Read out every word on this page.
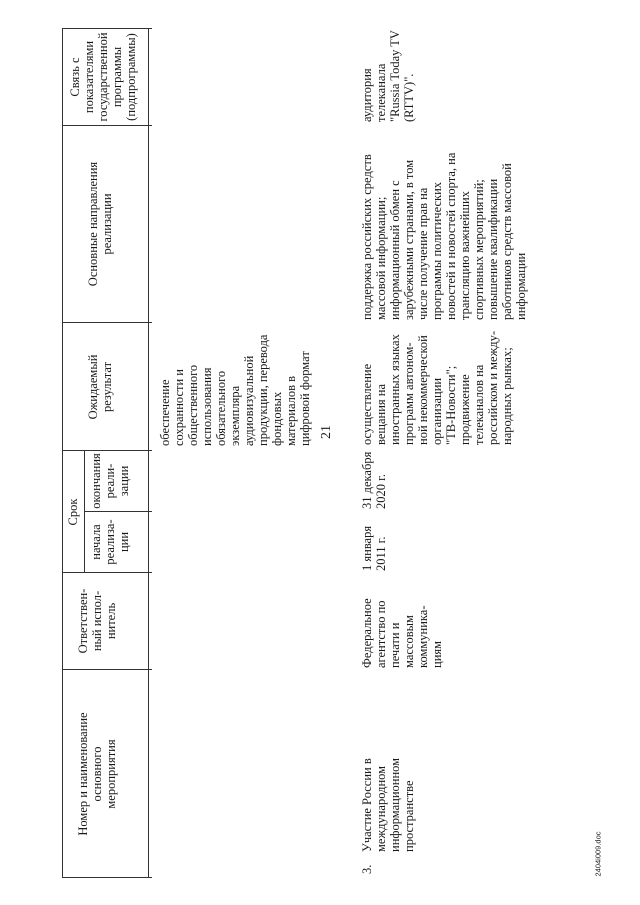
21
Номер и наименование
основного
мероприятия
Ответствен-
ный испол-
нитель
Срок
начала
реализа-
ции
окончания
реали-
зации
Ожидаемый
результат
Основные направления
реализации
Связь с
показателями
государственной
программы
(подпрограммы)
обеспечение
сохранности и
общественного
использования
обязательного
экземпляра
аудиовизуальной
продукции, перевода
фондовых
материалов в
цифровой формат
3.
Участие России в
международном
информационном
пространстве
Федеральное
агентство по
печати и
массовым
коммуника-
циям
1 января
2011 г.
31 декабря
2020 г.
осуществление
вещания на
иностранных языках
программ автоном-
ной некоммерческой
организации
"ТВ-Новости";
продвижение
телеканалов на
российском и между-
народных рынках;
поддержка российских средств
массовой информации;
информационный обмен с
зарубежными странами, в том
числе получение прав на
программы политических
новостей и новостей спорта, на
трансляцию важнейших
спортивных мероприятий;
повышение квалификации
работников средств массовой
информации
аудитория
телеканала
"Russia Today TV
(RTTV)".
2404i009.doc
